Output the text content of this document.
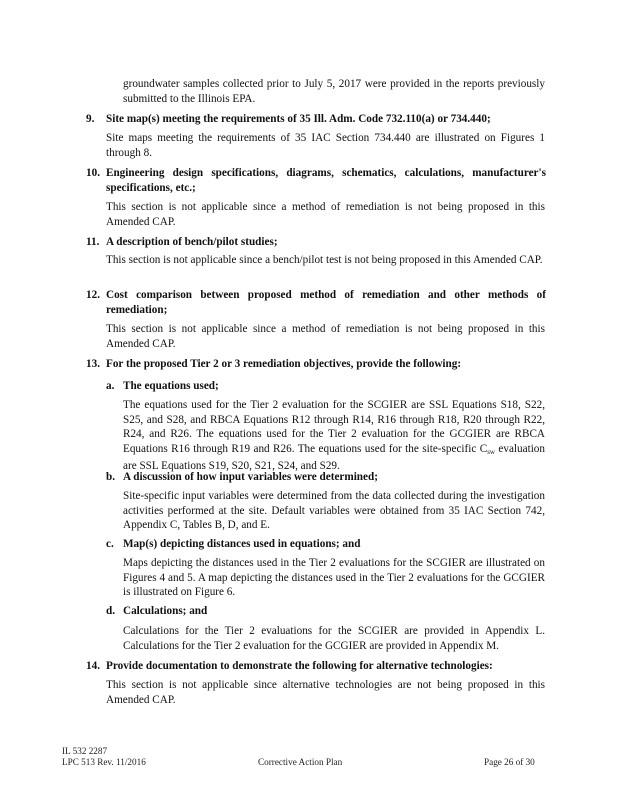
groundwater samples collected prior to July 5, 2017 were provided in the reports previously submitted to the Illinois EPA.

9.	Site map(s) meeting the requirements of 35 Ill. Adm. Code 732.110(a) or 734.440;

Site maps meeting the requirements of 35 IAC Section 734.440 are illustrated on Figures 1 through 8.

10. Engineering design specifications, diagrams, schematics, calculations, manufacturer's specifications, etc.;

This section is not applicable since a method of remediation is not being proposed in this Amended CAP.

11. A description of bench/pilot studies;

This section is not applicable since a bench/pilot test is not being proposed in this Amended CAP.

12. Cost comparison between proposed method of remediation and other methods of remediation;

This section is not applicable since a method of remediation is not being proposed in this Amended CAP.

13. For the proposed Tier 2 or 3 remediation objectives, provide the following:

a. The equations used;

The equations used for the Tier 2 evaluation for the SCGIER are SSL Equations S18, S22, S25, and S28, and RBCA Equations R12 through R14, R16 through R18, R20 through R22, R24, and R26. The equations used for the Tier 2 evaluation for the GCGIER are RBCA Equations R16 through R19 and R26. The equations used for the site-specific $C_{sw}$ evaluation are SSL Equations S19, S20, S21, S24, and S29.

b. A discussion of how input variables were determined;

Site-specific input variables were determined from the data collected during the investigation activities performed at the site. Default variables were obtained from 35 IAC Section 742, Appendix C, Tables B, D, and E.

c. Map(s) depicting distances used in equations; and

Maps depicting the distances used in the Tier 2 evaluations for the SCGIER are illustrated on Figures 4 and 5. A map depicting the distances used in the Tier 2 evaluations for the GCGIER is illustrated on Figure 6.

d. Calculations; and

Calculations for the Tier 2 evaluations for the SCGIER are provided in Appendix L. Calculations for the Tier 2 evaluation for the GCGIER are provided in Appendix M.

14. Provide documentation to demonstrate the following for alternative technologies:

This section is not applicable since alternative technologies are not being proposed in this Amended CAP.

IL 532 2287
LPC 513 Rev. 11/2016	Corrective Action Plan	Page 26 of 30
